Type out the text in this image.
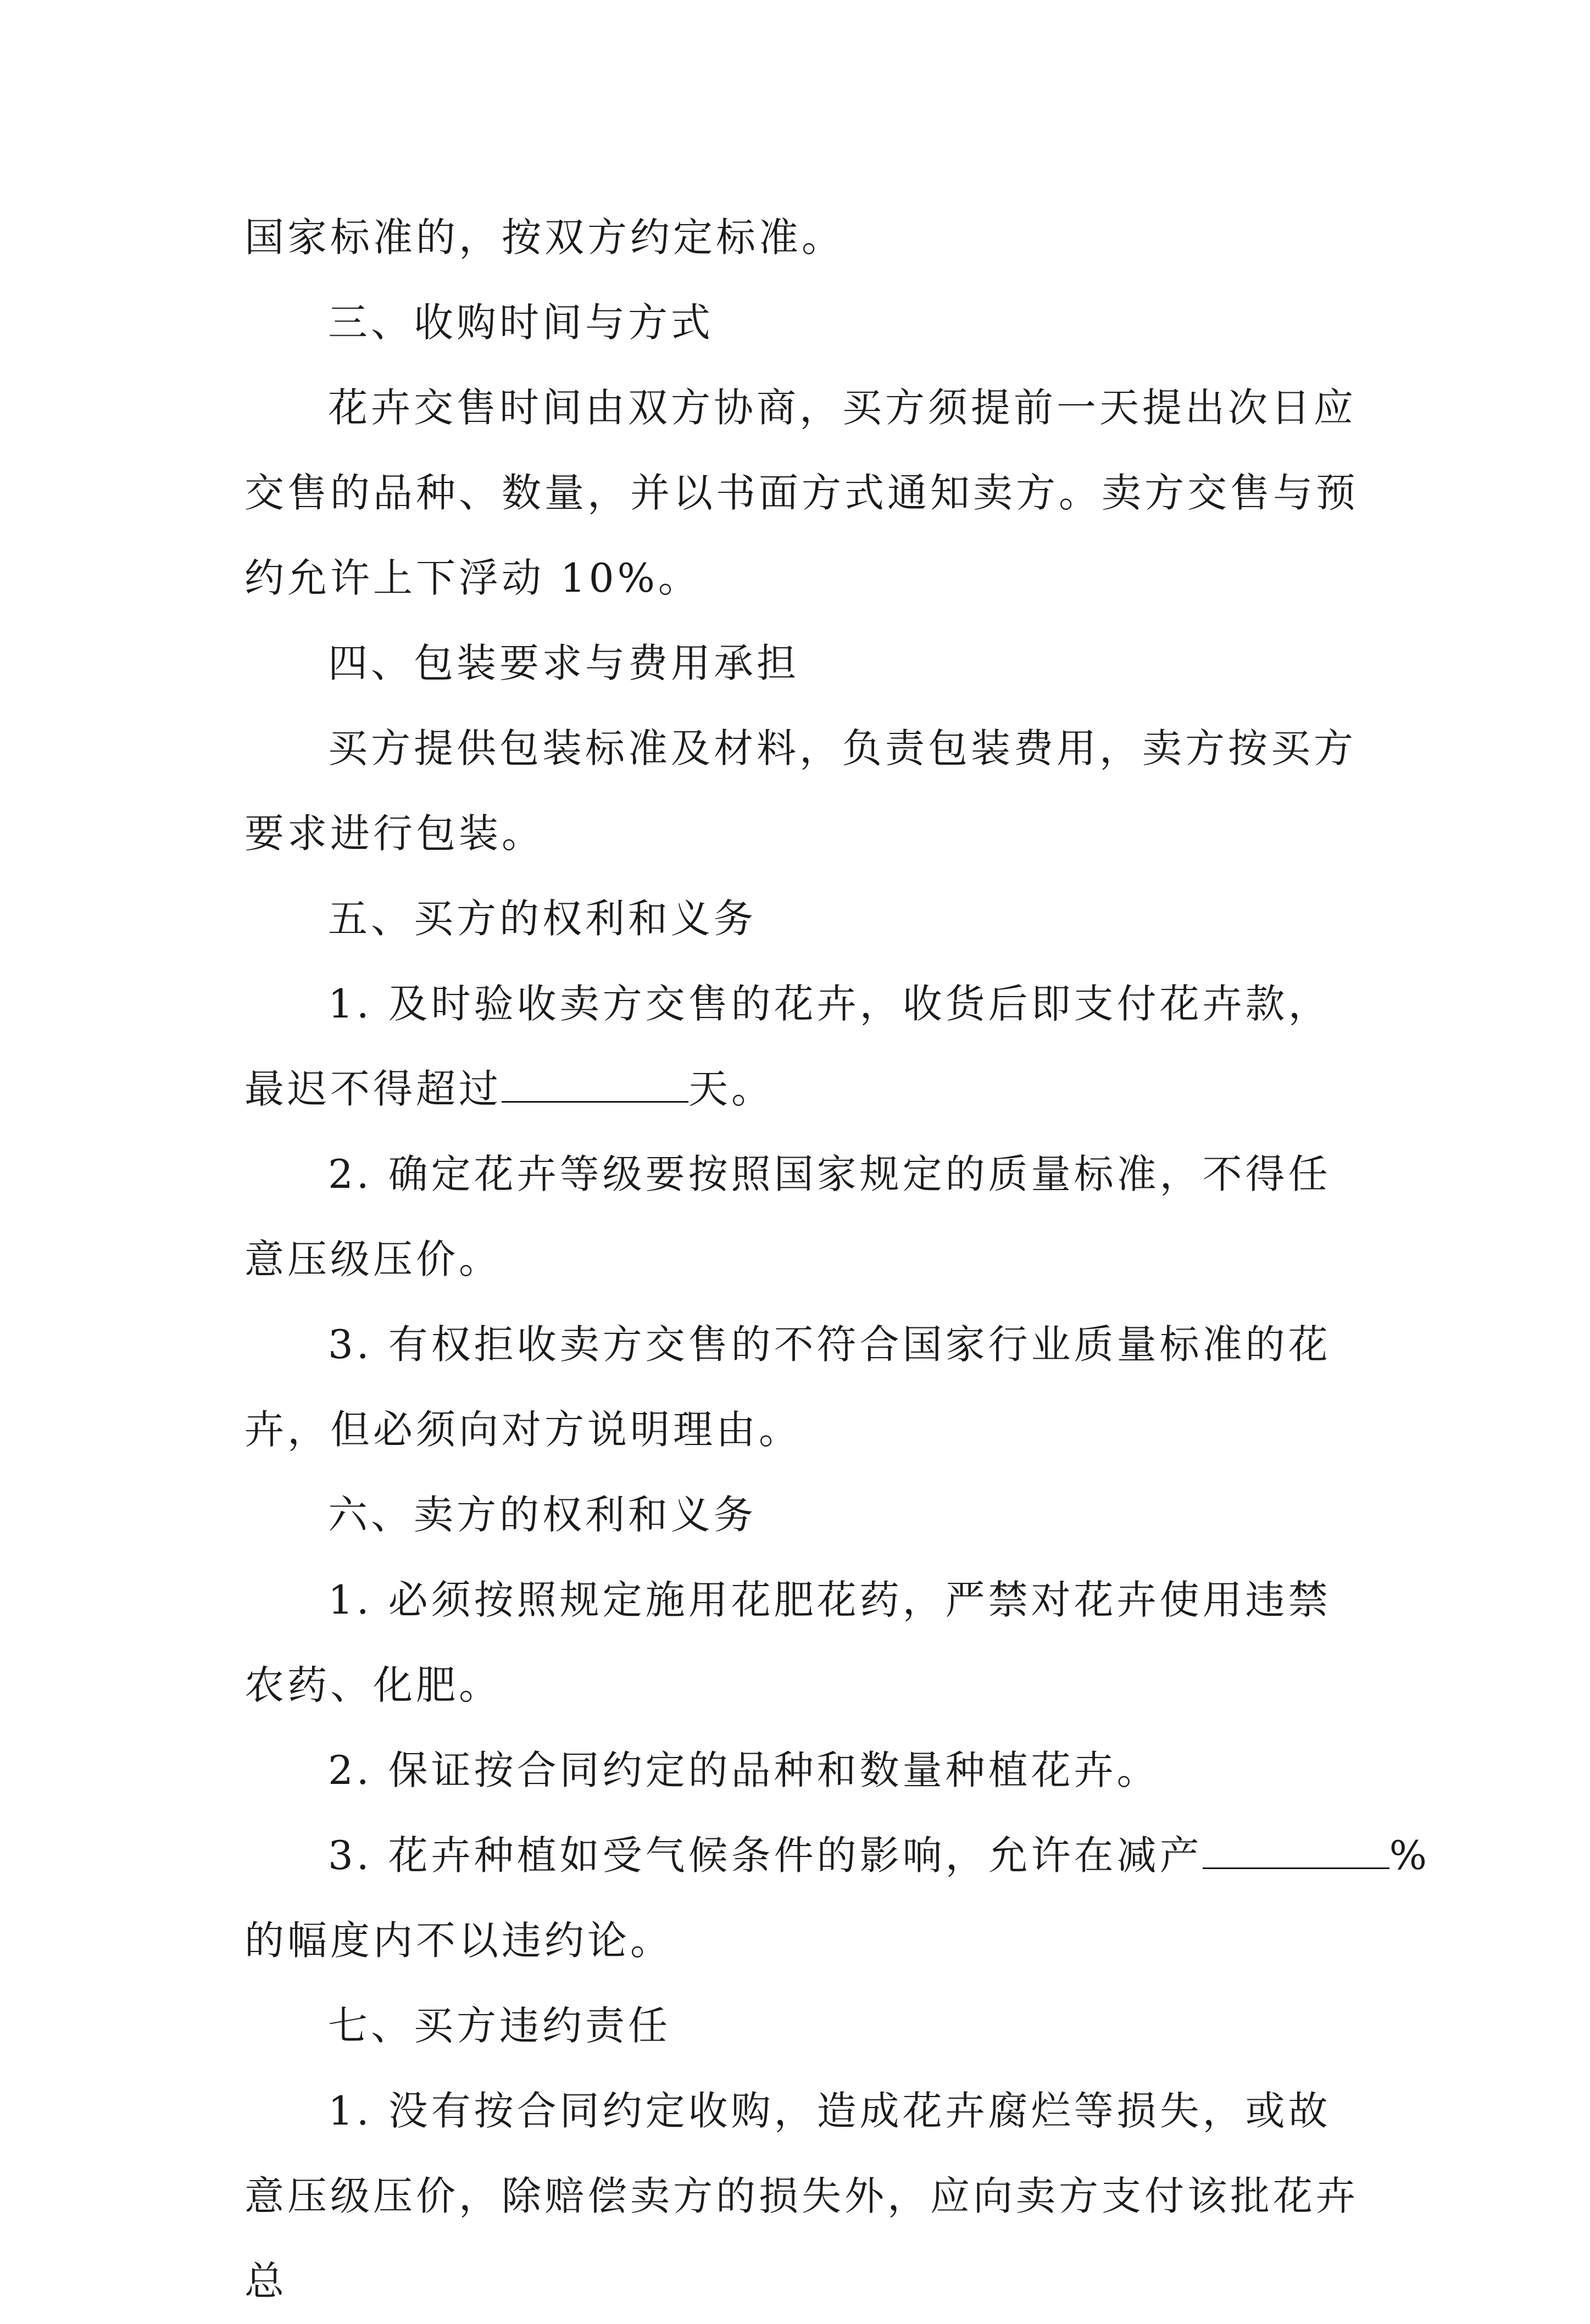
国家标准的，按双方约定标准。

三、收购时间与方式

花卉交售时间由双方协商，买方须提前一天提出次日应交售的品种、数量，并以书面方式通知卖方。卖方交售与预约允许上下浮动 10%。

四、包装要求与费用承担

买方提供包装标准及材料，负责包装费用，卖方按买方要求进行包装。

五、买方的权利和义务

1. 及时验收卖方交售的花卉，收货后即支付花卉款，最迟不得超过	天。

2. 确定花卉等级要按照国家规定的质量标准，不得任意压级压价。

3. 有权拒收卖方交售的不符合国家行业质量标准的花卉，但必须向对方说明理由。

六、卖方的权利和义务

1. 必须按照规定施用花肥花药，严禁对花卉使用违禁农药、化肥。

2. 保证按合同约定的品种和数量种植花卉。

3. 花卉种植如受气候条件的影响，允许在减产	%
的幅度内不以违约论。

七、买方违约责任

1. 没有按合同约定收购，造成花卉腐烂等损失，或故意压级压价，除赔偿卖方的损失外，应向卖方支付该批花卉总
